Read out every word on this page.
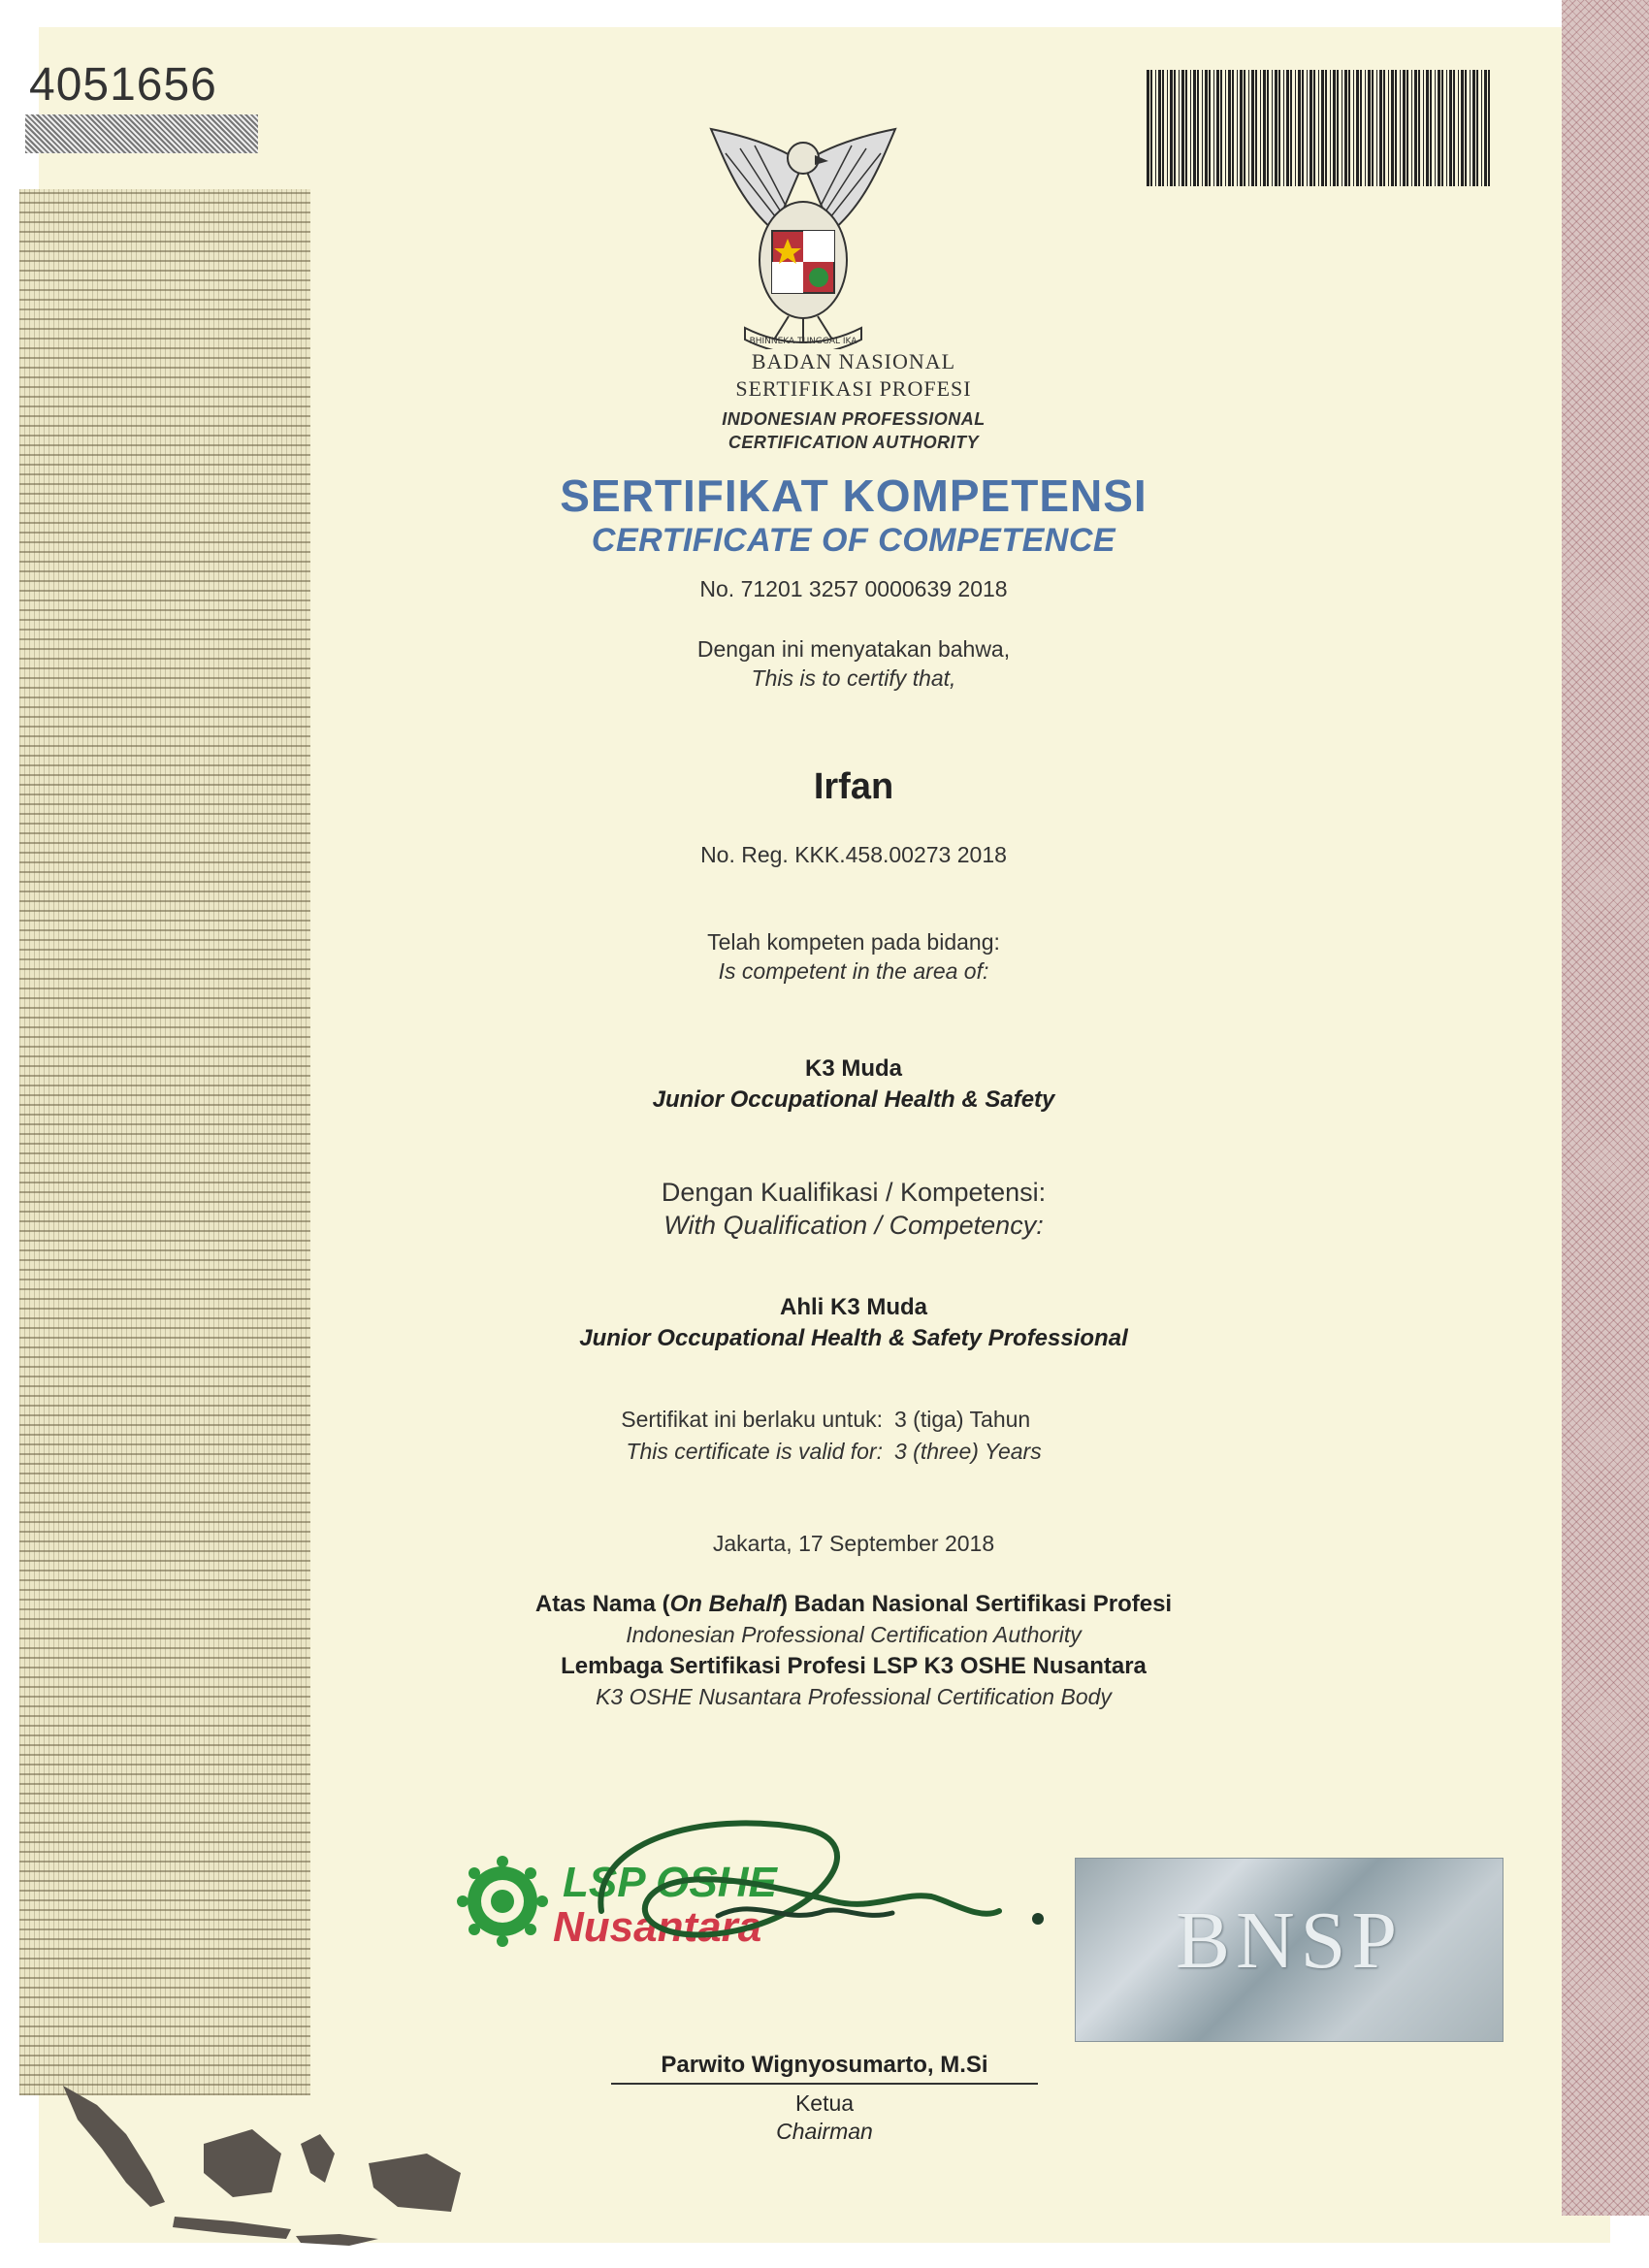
4051656
BHINNEKA TUNGGAL IKA
BADAN NASIONAL
SERTIFIKASI PROFESI
INDONESIAN PROFESSIONAL
CERTIFICATION AUTHORITY
SERTIFIKAT KOMPETENSI
CERTIFICATE OF COMPETENCE
No. 71201 3257 0000639 2018
Dengan ini menyatakan bahwa,
This is to certify that,
Irfan
No. Reg. KKK.458.00273 2018
Telah kompeten pada bidang:
Is competent in the area of:
K3 Muda
Junior Occupational Health & Safety
Dengan Kualifikasi / Kompetensi:
With Qualification / Competency:
Ahli K3 Muda
Junior Occupational Health & Safety Professional
Sertifikat ini berlaku untuk: 3 (tiga) Tahun
This certificate is valid for: 3 (three) Years
Jakarta, 17 September 2018
Atas Nama (On Behalf) Badan Nasional Sertifikasi Profesi
Indonesian Professional Certification Authority
Lembaga Sertifikasi Profesi LSP K3 OSHE Nusantara
K3 OSHE Nusantara Professional Certification Body
LSP OSHE
Nusantara	BNSP
Parwito Wignyosumarto, M.Si
Ketua
Chairman
